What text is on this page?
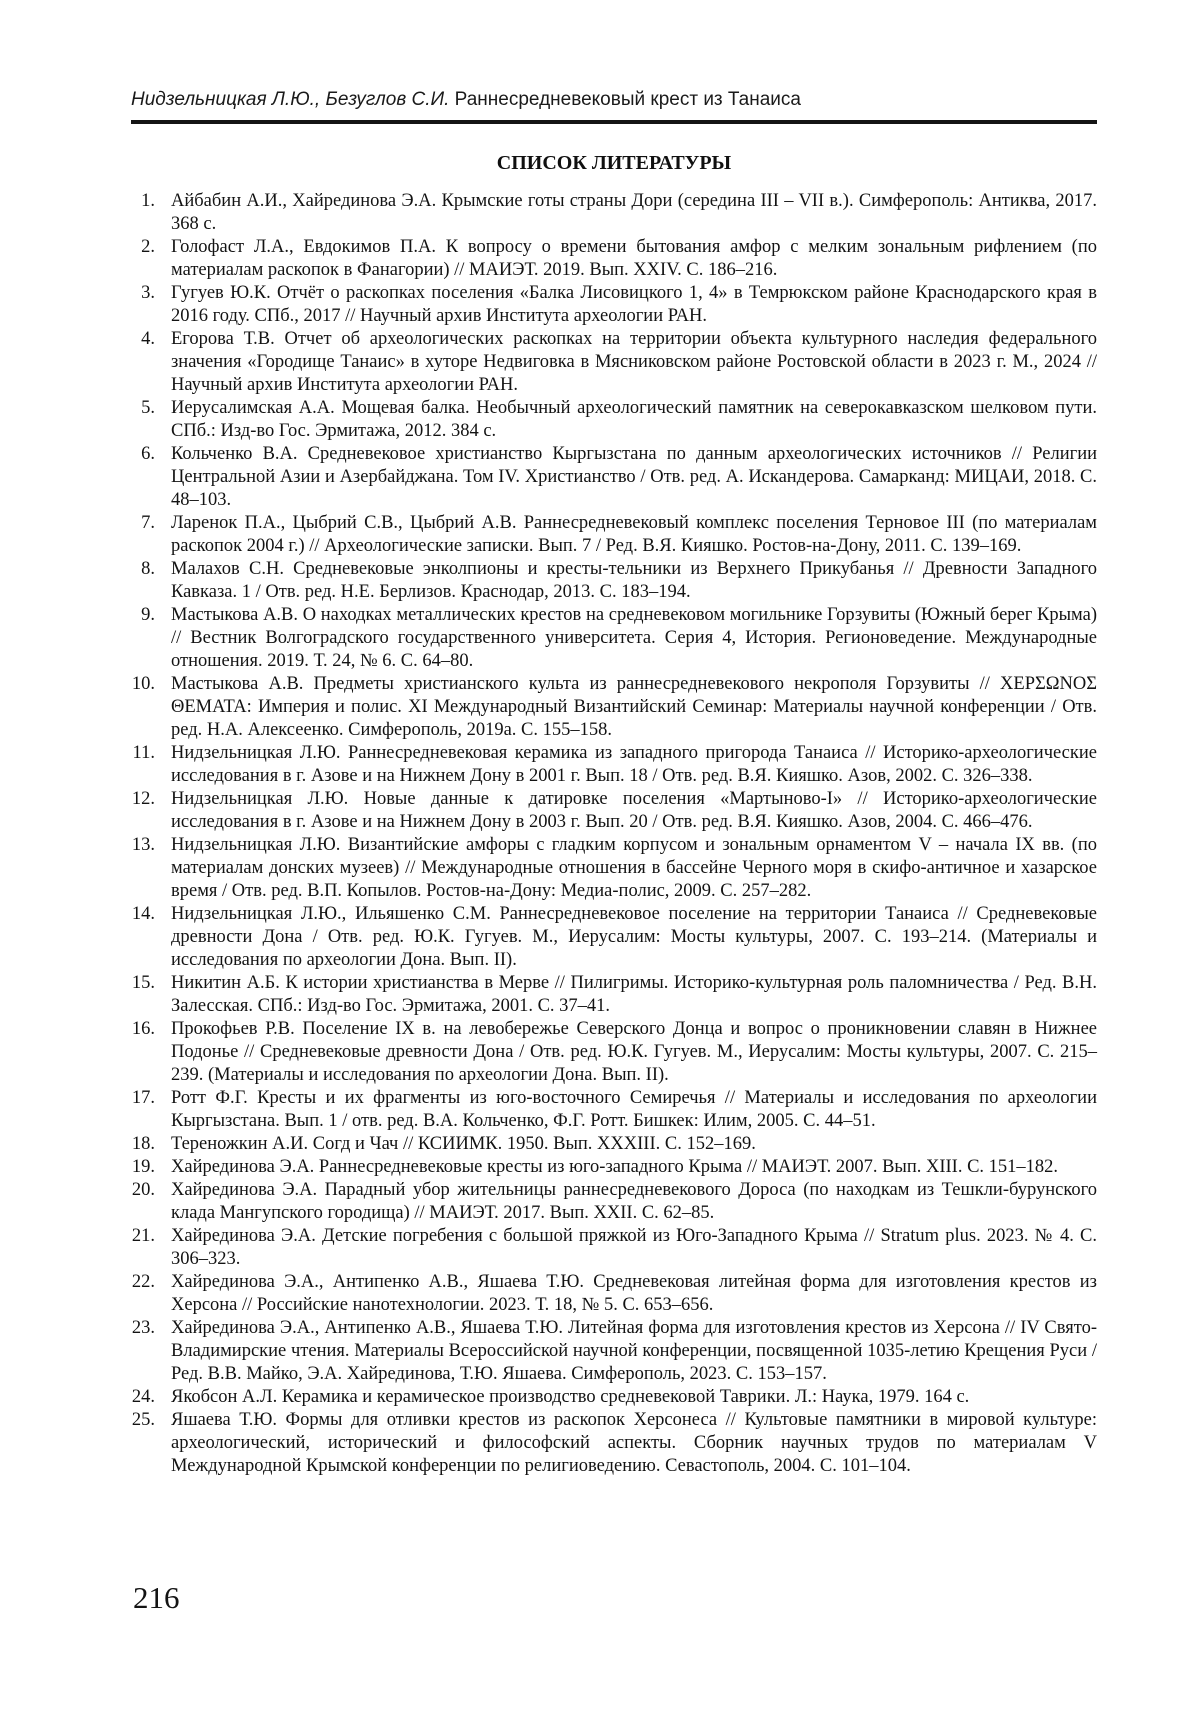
Нидзельницкая Л.Ю., Безуглов С.И. Раннесредневековый крест из Танаиса
СПИСОК ЛИТЕРАТУРЫ
1. Айбабин А.И., Хайрединова Э.А. Крымские готы страны Дори (середина III – VII в.). Симферополь: Антиква, 2017. 368 с.
2. Голофаст Л.А., Евдокимов П.А. К вопросу о времени бытования амфор с мелким зональным рифлением (по материалам раскопок в Фанагории) // МАИЭТ. 2019. Вып. XXIV. С. 186–216.
3. Гугуев Ю.К. Отчёт о раскопках поселения «Балка Лисовицкого 1, 4» в Темрюкском районе Краснодарского края в 2016 году. СПб., 2017 // Научный архив Института археологии РАН.
4. Егорова Т.В. Отчет об археологических раскопках на территории объекта культурного наследия федерального значения «Городище Танаис» в хуторе Недвиговка в Мясниковском районе Ростовской области в 2023 г. М., 2024 // Научный архив Института археологии РАН.
5. Иерусалимская А.А. Мощевая балка. Необычный археологический памятник на северокавказском шелковом пути. СПб.: Изд-во Гос. Эрмитажа, 2012. 384 с.
6. Кольченко В.А. Средневековое христианство Кыргызстана по данным археологических источников // Религии Центральной Азии и Азербайджана. Том IV. Христианство / Отв. ред. А. Искандерова. Самарканд: МИЦАИ, 2018. С. 48–103.
7. Ларенок П.А., Цыбрий С.В., Цыбрий А.В. Раннесредневековый комплекс поселения Терновое III (по материалам раскопок 2004 г.) // Археологические записки. Вып. 7 / Ред. В.Я. Кияшко. Ростов-на-Дону, 2011. С. 139–169.
8. Малахов С.Н. Средневековые энколпионы и кресты-тельники из Верхнего Прикубанья // Древности Западного Кавказа. 1 / Отв. ред. Н.Е. Берлизов. Краснодар, 2013. С. 183–194.
9. Мастыкова А.В. О находках металлических крестов на средневековом могильнике Горзувиты (Южный берег Крыма) // Вестник Волгоградского государственного университета. Серия 4, История. Регионоведение. Международные отношения. 2019. Т. 24, № 6. С. 64–80.
10. Мастыкова А.В. Предметы христианского культа из раннесредневекового некрополя Горзувиты // ΧΕΡΣΩΝΟΣ ΘΕΜΑΤΑ: Империя и полис. XI Международный Византийский Семинар: Материалы научной конференции / Отв. ред. Н.А. Алексеенко. Симферополь, 2019а. С. 155–158.
11. Нидзельницкая Л.Ю. Раннесредневековая керамика из западного пригорода Танаиса // Историко-археологические исследования в г. Азове и на Нижнем Дону в 2001 г. Вып. 18 / Отв. ред. В.Я. Кияшко. Азов, 2002. С. 326–338.
12. Нидзельницкая Л.Ю. Новые данные к датировке поселения «Мартыново-I» // Историко-археологические исследования в г. Азове и на Нижнем Дону в 2003 г. Вып. 20 / Отв. ред. В.Я. Кияшко. Азов, 2004. С. 466–476.
13. Нидзельницкая Л.Ю. Византийские амфоры с гладким корпусом и зональным орнаментом V – начала IX вв. (по материалам донских музеев) // Международные отношения в бассейне Черного моря в скифо-античное и хазарское время / Отв. ред. В.П. Копылов. Ростов-на-Дону: Медиа-полис, 2009. С. 257–282.
14. Нидзельницкая Л.Ю., Ильяшенко С.М. Раннесредневековое поселение на территории Танаиса // Средневековые древности Дона / Отв. ред. Ю.К. Гугуев. М., Иерусалим: Мосты культуры, 2007. С. 193–214. (Материалы и исследования по археологии Дона. Вып. II).
15. Никитин А.Б. К истории христианства в Мерве // Пилигримы. Историко-культурная роль паломничества / Ред. В.Н. Залесская. СПб.: Изд-во Гос. Эрмитажа, 2001. С. 37–41.
16. Прокофьев Р.В. Поселение IX в. на левобережье Северского Донца и вопрос о проникновении славян в Нижнее Подонье // Средневековые древности Дона / Отв. ред. Ю.К. Гугуев. М., Иерусалим: Мосты культуры, 2007. С. 215–239. (Материалы и исследования по археологии Дона. Вып. II).
17. Ротт Ф.Г. Кресты и их фрагменты из юго-восточного Семиречья // Материалы и исследования по археологии Кыргызстана. Вып. 1 / отв. ред. В.А. Кольченко, Ф.Г. Ротт. Бишкек: Илим, 2005. С. 44–51.
18. Тереножкин А.И. Согд и Чач // КСИИМК. 1950. Вып. XXXIII. С. 152–169.
19. Хайрединова Э.А. Раннесредневековые кресты из юго-западного Крыма // МАИЭТ. 2007. Вып. XIII. С. 151–182.
20. Хайрединова Э.А. Парадный убор жительницы раннесредневекового Дороса (по находкам из Тешкли-бурунского клада Мангупского городища) // МАИЭТ. 2017. Вып. XXII. С. 62–85.
21. Хайрединова Э.А. Детские погребения с большой пряжкой из Юго-Западного Крыма // Stratum plus. 2023. № 4. С. 306–323.
22. Хайрединова Э.А., Антипенко А.В., Яшаева Т.Ю. Средневековая литейная форма для изготовления крестов из Херсона // Российские нанотехнологии. 2023. Т. 18, № 5. С. 653–656.
23. Хайрединова Э.А., Антипенко А.В., Яшаева Т.Ю. Литейная форма для изготовления крестов из Херсона // IV Свято-Владимирские чтения. Материалы Всероссийской научной конференции, посвященной 1035-летию Крещения Руси / Ред. В.В. Майко, Э.А. Хайрединова, Т.Ю. Яшаева. Симферополь, 2023. С. 153–157.
24. Якобсон А.Л. Керамика и керамическое производство средневековой Таврики. Л.: Наука, 1979. 164 с.
25. Яшаева Т.Ю. Формы для отливки крестов из раскопок Херсонеса // Культовые памятники в мировой культуре: археологический, исторический и философский аспекты. Сборник научных трудов по материалам V Международной Крымской конференции по религиоведению. Севастополь, 2004. С. 101–104.
216
